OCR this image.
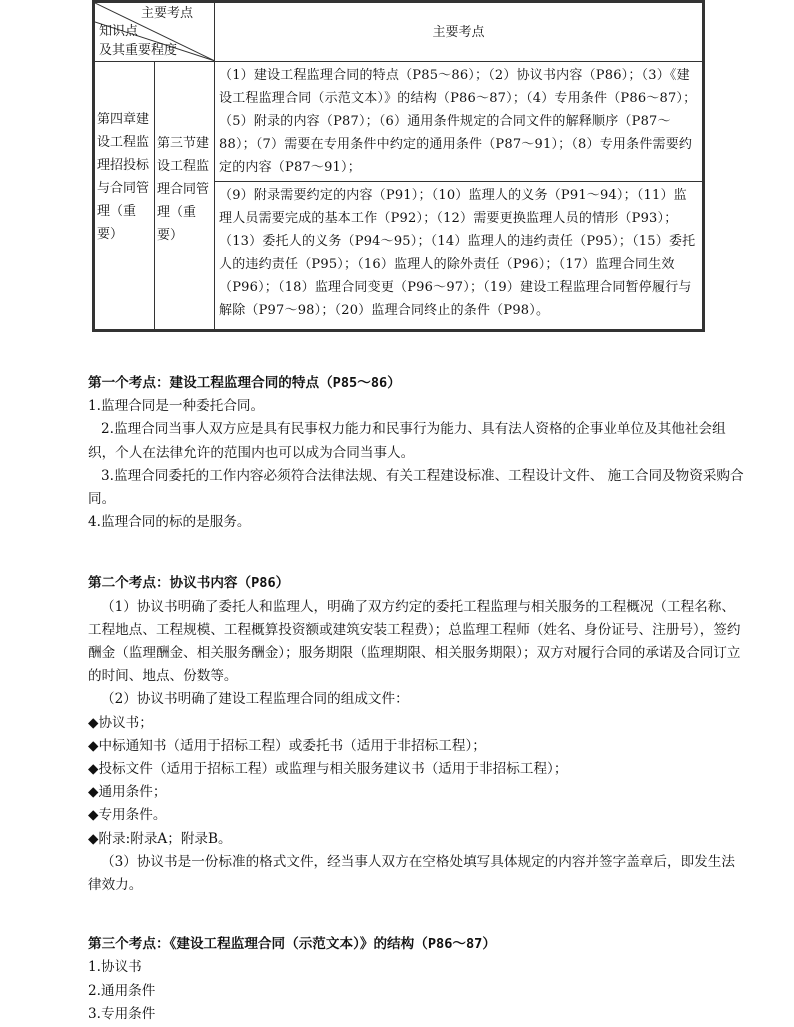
主要考点
知识点
及其重要程度		主要考点
第四章建设工程监理招投标与合同管理（重要）	第三节建设工程监理合同管理（重要）	（1）建设工程监理合同的特点（P85～86）；（2）协议书内容（P86）；（3）《建设工程监理合同（示范文本）》的结构（P86～87）；（4）专用条件（P86～87）；（5）附录的内容（P87）；（6）通用条件规定的合同文件的解释顺序（P87～88）；（7）需要在专用条件中约定的通用条件（P87～91）；（8）专用条件需要约定的内容（P87～91）；
		（9）附录需要约定的内容（P91）；（10）监理人的义务（P91～94）；（11）监理人员需要完成的基本工作（P92）；（12）需要更换监理人员的情形（P93）；（13）委托人的义务（P94～95）；（14）监理人的违约责任（P95）；（15）委托人的违约责任（P95）；（16）监理人的除外责任（P96）；（17）监理合同生效（P96）；（18）监理合同变更（P96～97）；（19）建设工程监理合同暂停履行与解除（P97～98）；（20）监理合同终止的条件（P98）。

第一个考点：建设工程监理合同的特点（P85～86）

1.监理合同是一种委托合同。

2.监理合同当事人双方应是具有民事权力能力和民事行为能力、具有法人资格的企事业单位及其他社会组织，个人在法律允许的范围内也可以成为合同当事人。

3.监理合同委托的工作内容必须符合法律法规、有关工程建设标准、工程设计文件、 施工合同及物资采购合同。

4.监理合同的标的是服务。

第二个考点：协议书内容（P86）

（1）协议书明确了委托人和监理人，明确了双方约定的委托工程监理与相关服务的工程概况（工程名称、工程地点、工程规模、工程概算投资额或建筑安装工程费）；总监理工程师（姓名、身份证号、注册号），签约酬金（监理酬金、相关服务酬金）；服务期限（监理期限、相关服务期限）；双方对履行合同的承诺及合同订立的时间、地点、份数等。

（2）协议书明确了建设工程监理合同的组成文件：

◆协议书；

◆中标通知书（适用于招标工程）或委托书（适用于非招标工程）；

◆投标文件（适用于招标工程）或监理与相关服务建议书（适用于非招标工程）；

◆通用条件；

◆专用条件。

◆附录:附录A；附录B。

（3）协议书是一份标准的格式文件，经当事人双方在空格处填写具体规定的内容并签字盖章后，即发生法律效力。

第三个考点：《建设工程监理合同（示范文本）》的结构（P86～87）

1.协议书

2.通用条件

3.专用条件
